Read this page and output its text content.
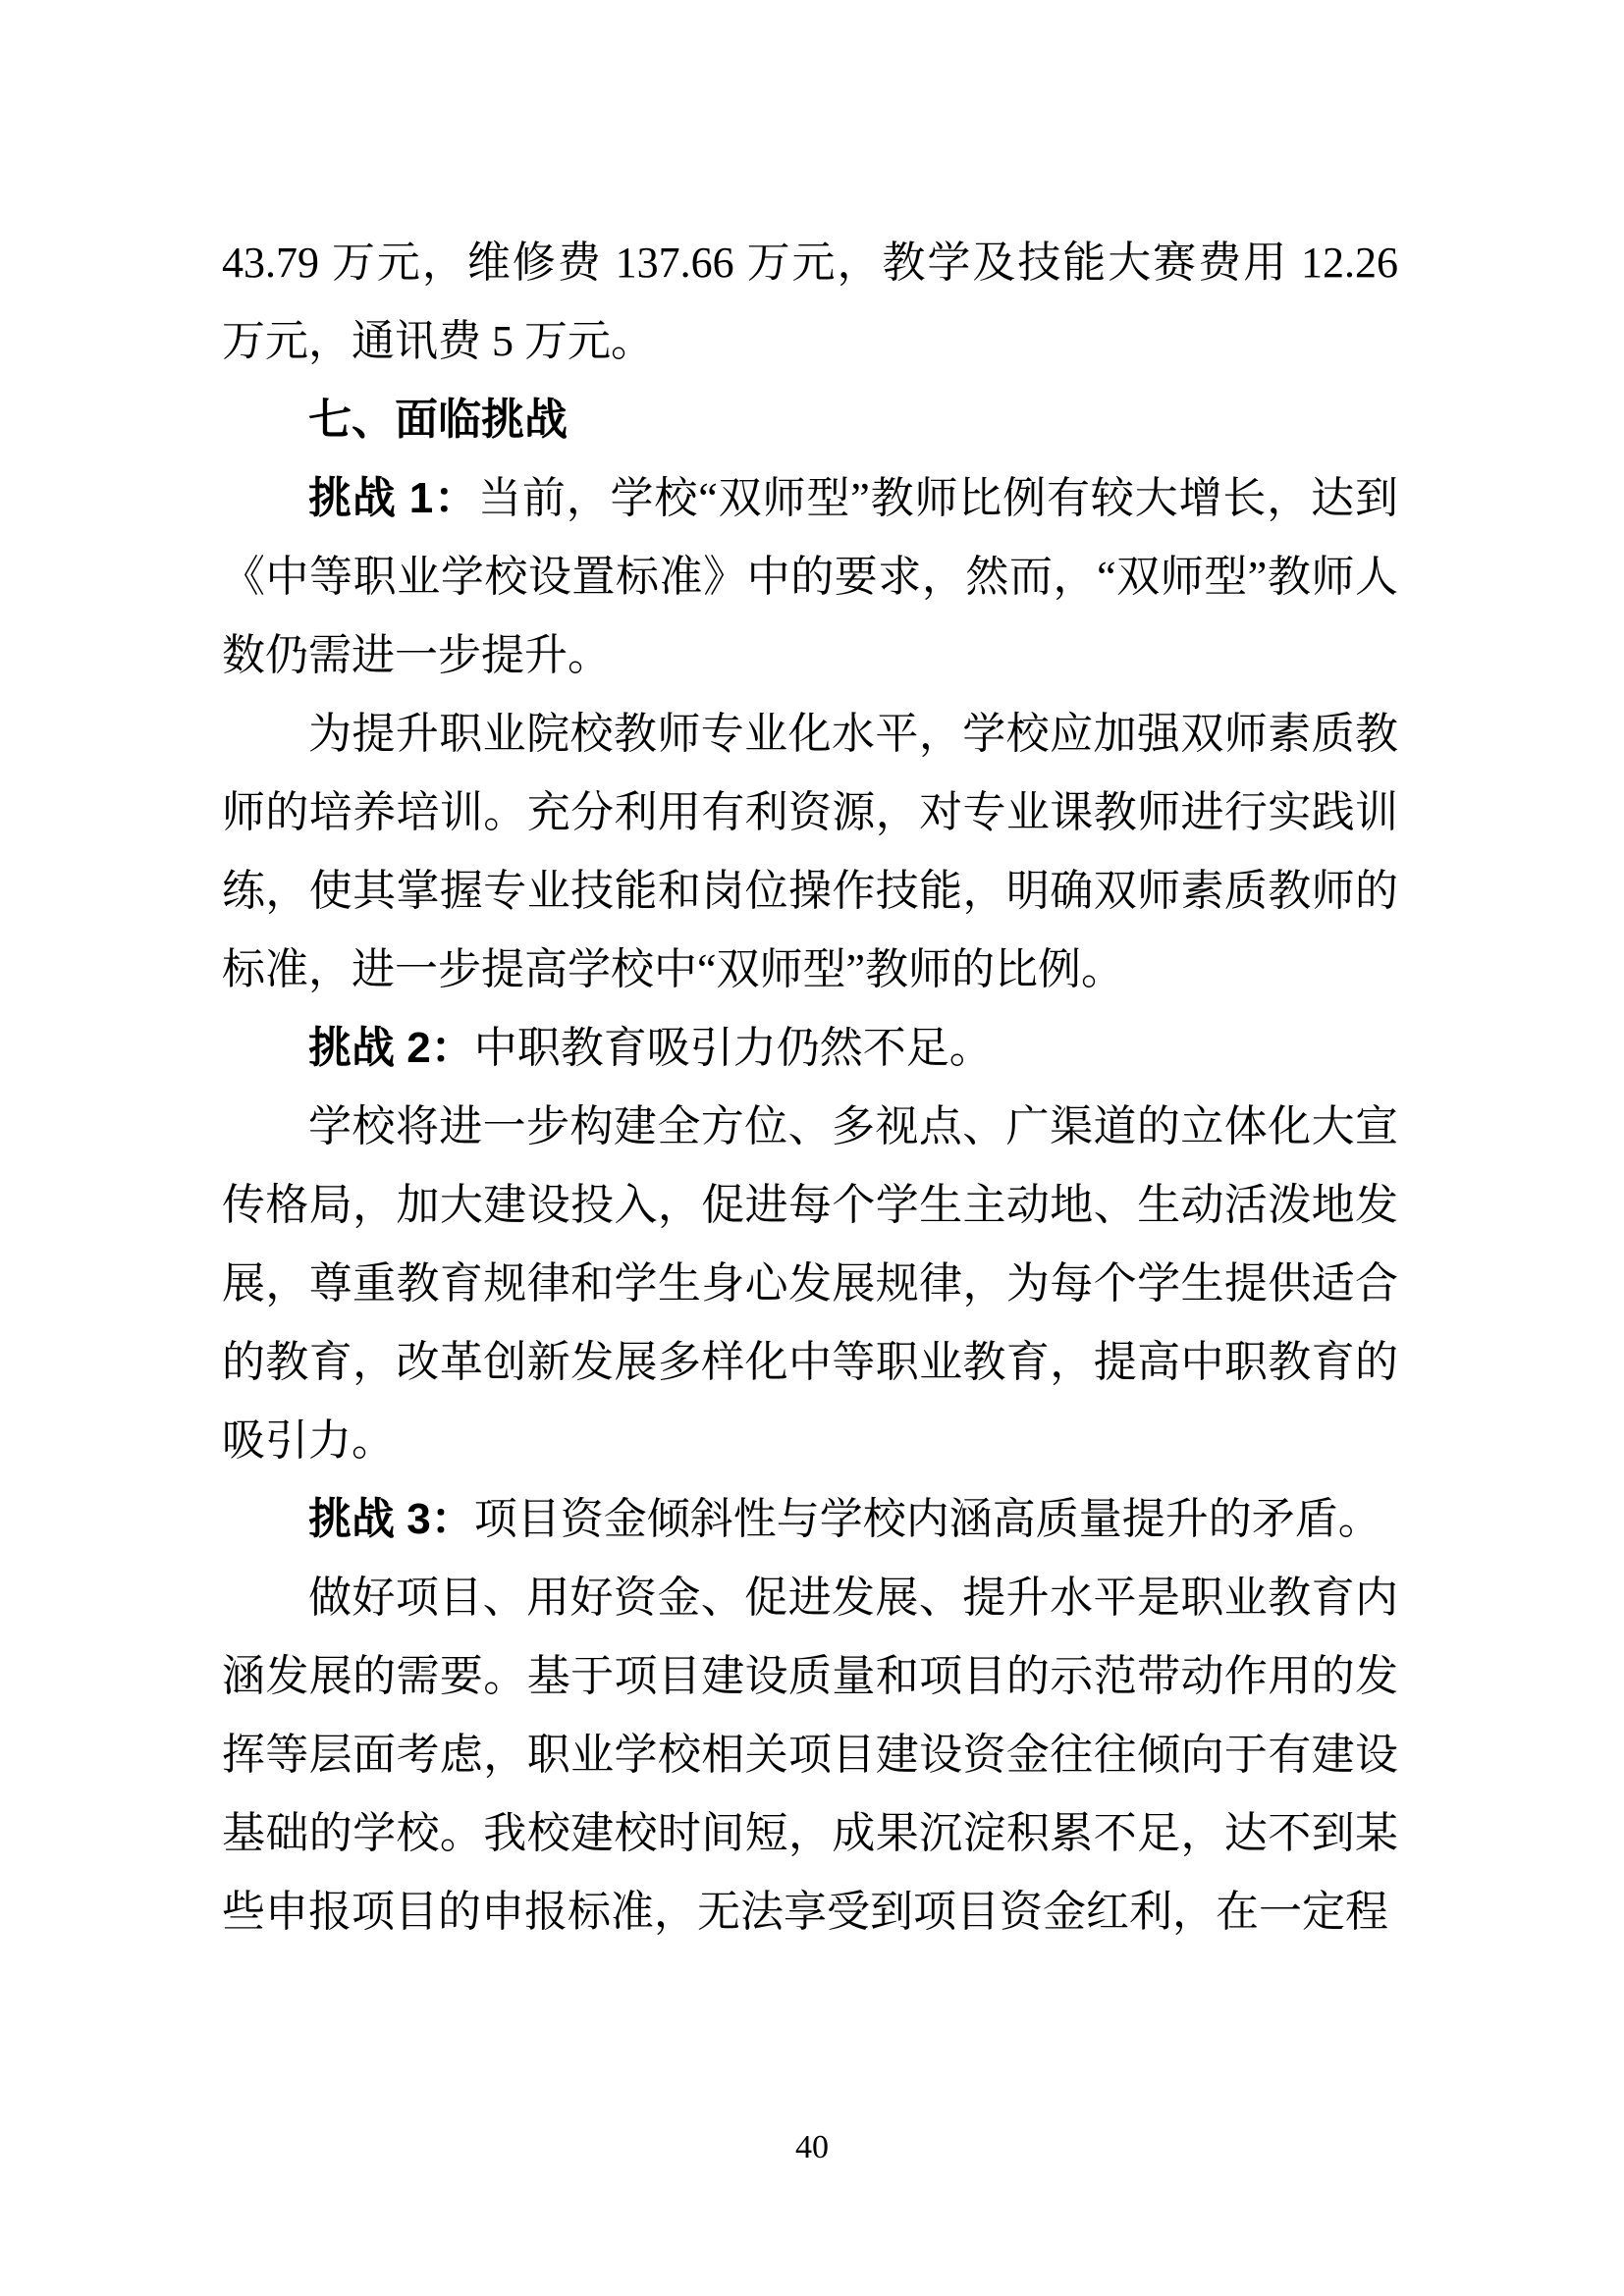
43.79 万元，维修费 137.66 万元，教学及技能大赛费用 12.26 万元，通讯费 5 万元。

七、面临挑战

挑战 1：当前，学校“双师型”教师比例有较大增长，达到《中等职业学校设置标准》中的要求，然而，“双师型”教师人数仍需进一步提升。

为提升职业院校教师专业化水平，学校应加强双师素质教师的培养培训。充分利用有利资源，对专业课教师进行实践训练，使其掌握专业技能和岗位操作技能，明确双师素质教师的标准，进一步提高学校中“双师型”教师的比例。

挑战 2：中职教育吸引力仍然不足。

学校将进一步构建全方位、多视点、广渠道的立体化大宣传格局，加大建设投入，促进每个学生主动地、生动活泼地发展，尊重教育规律和学生身心发展规律，为每个学生提供适合的教育，改革创新发展多样化中等职业教育，提高中职教育的吸引力。

挑战 3：项目资金倾斜性与学校内涵高质量提升的矛盾。

做好项目、用好资金、促进发展、提升水平是职业教育内涵发展的需要。基于项目建设质量和项目的示范带动作用的发挥等层面考虑，职业学校相关项目建设资金往往倾向于有建设基础的学校。我校建校时间短，成果沉淀积累不足，达不到某些申报项目的申报标准，无法享受到项目资金红利，在一定程

40
